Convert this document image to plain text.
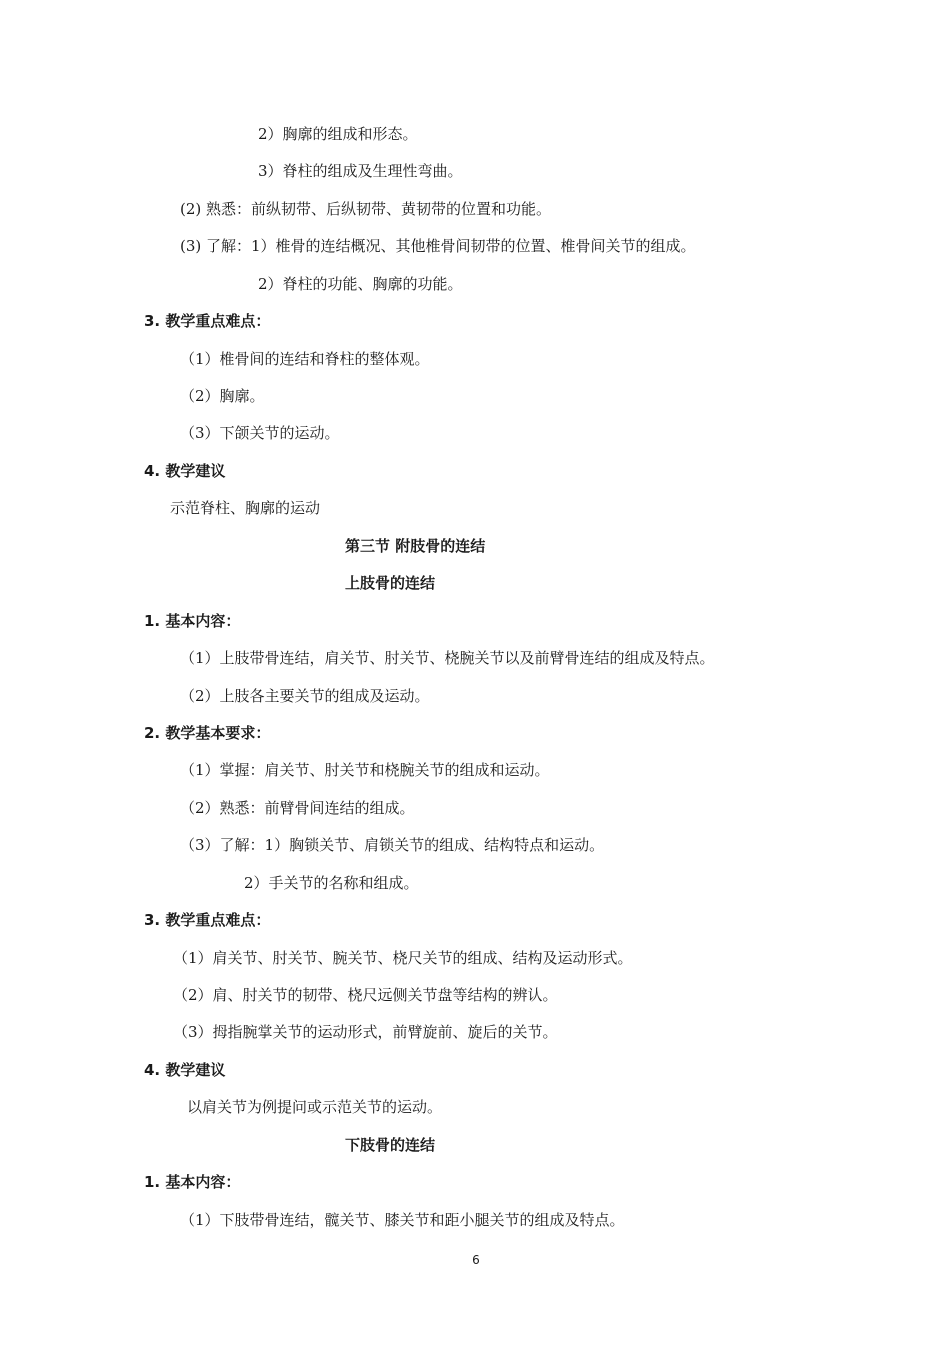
2）胸廓的组成和形态。
3）脊柱的组成及生理性弯曲。
(2) 熟悉：前纵韧带、后纵韧带、黄韧带的位置和功能。
(3) 了解：1）椎骨的连结概况、其他椎骨间韧带的位置、椎骨间关节的组成。
2）脊柱的功能、胸廓的功能。
3. 教学重点难点：
（1）椎骨间的连结和脊柱的整体观。
（2）胸廓。
（3）下颌关节的运动。
4. 教学建议
示范脊柱、胸廓的运动
第三节 附肢骨的连结
上肢骨的连结
1. 基本内容：
（1）上肢带骨连结，肩关节、肘关节、桡腕关节以及前臂骨连结的组成及特点。
（2）上肢各主要关节的组成及运动。
2. 教学基本要求：
（1）掌握：肩关节、肘关节和桡腕关节的组成和运动。
（2）熟悉：前臂骨间连结的组成。
（3）了解：1）胸锁关节、肩锁关节的组成、结构特点和运动。
2）手关节的名称和组成。
3. 教学重点难点：
（1）肩关节、肘关节、腕关节、桡尺关节的组成、结构及运动形式。
（2）肩、肘关节的韧带、桡尺远侧关节盘等结构的辨认。
（3）拇指腕掌关节的运动形式，前臂旋前、旋后的关节。
4. 教学建议
以肩关节为例提问或示范关节的运动。
下肢骨的连结
1. 基本内容：
（1）下肢带骨连结，髋关节、膝关节和距小腿关节的组成及特点。
6
